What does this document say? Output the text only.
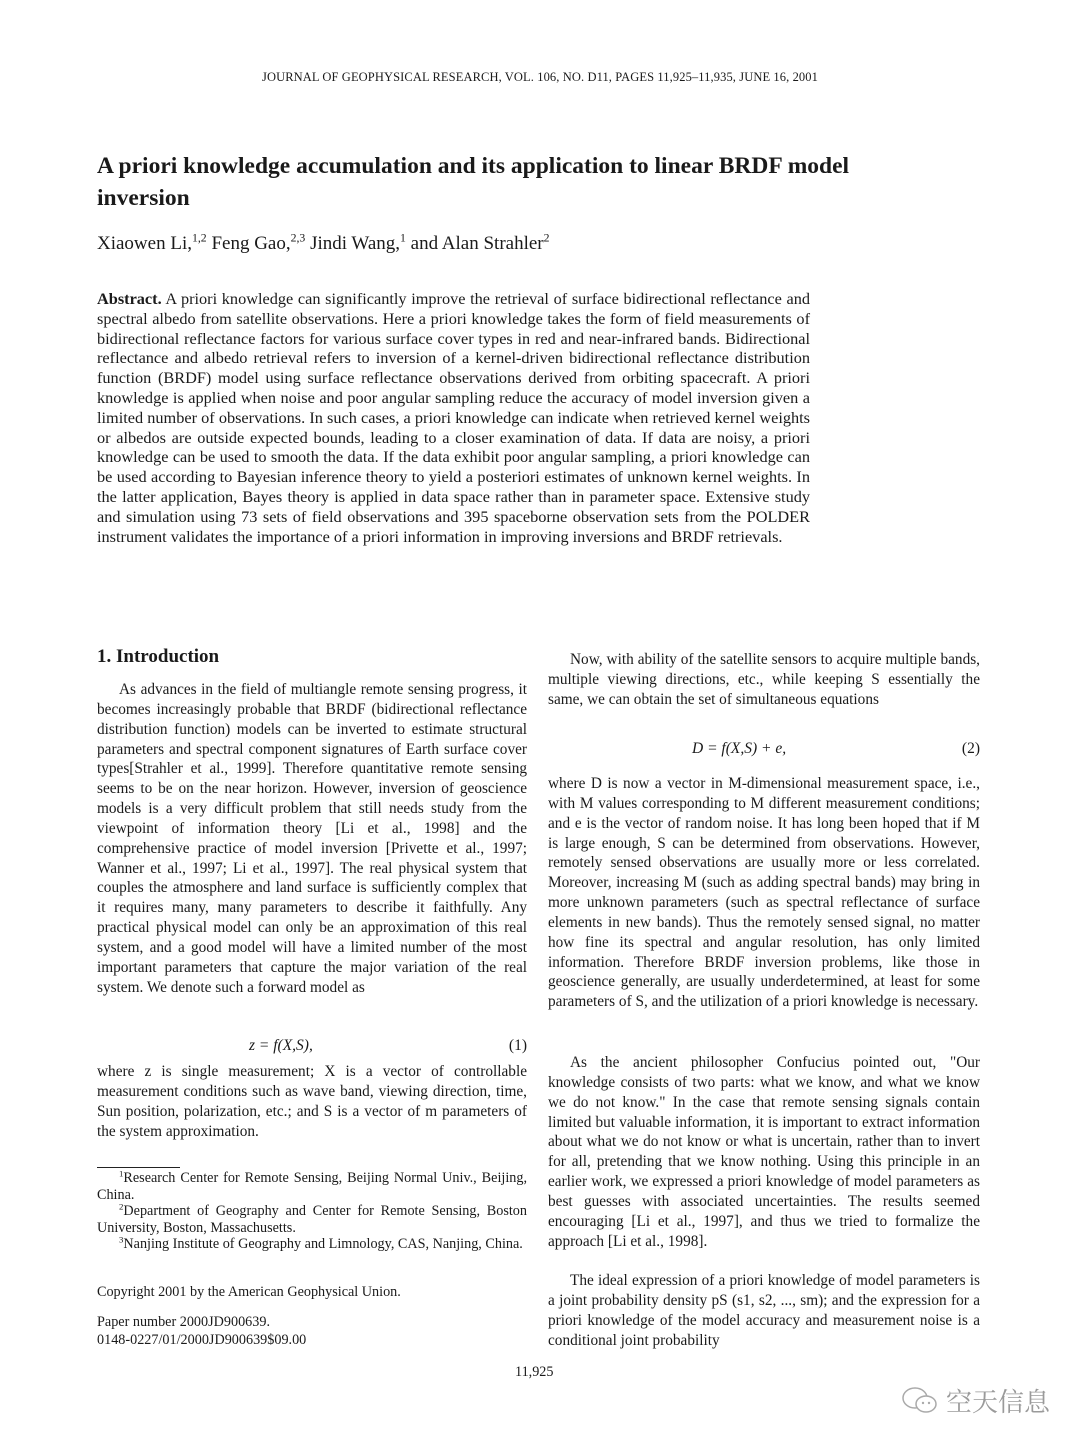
JOURNAL OF GEOPHYSICAL RESEARCH, VOL. 106, NO. D11, PAGES 11,925–11,935, JUNE 16, 2001
A priori knowledge accumulation and its application to linear BRDF model inversion
Xiaowen Li,$^{1,2}$ Feng Gao,$^{2,3}$ Jindi Wang,$^1$ and Alan Strahler$^2$
Abstract. A priori knowledge can significantly improve the retrieval of surface bidirectional reflectance and spectral albedo from satellite observations. Here a priori knowledge takes the form of field measurements of bidirectional reflectance factors for various surface cover types in red and near-infrared bands. Bidirectional reflectance and albedo retrieval refers to inversion of a kernel-driven bidirectional reflectance distribution function (BRDF) model using surface reflectance observations derived from orbiting spacecraft. A priori knowledge is applied when noise and poor angular sampling reduce the accuracy of model inversion given a limited number of observations. In such cases, a priori knowledge can indicate when retrieved kernel weights or albedos are outside expected bounds, leading to a closer examination of data. If data are noisy, a priori knowledge can be used to smooth the data. If the data exhibit poor angular sampling, a priori knowledge can be used according to Bayesian inference theory to yield a posteriori estimates of unknown kernel weights. In the latter application, Bayes theory is applied in data space rather than in parameter space. Extensive study and simulation using 73 sets of field observations and 395 spaceborne observation sets from the POLDER instrument validates the importance of a priori information in improving inversions and BRDF retrievals.
1. Introduction
As advances in the field of multiangle remote sensing progress, it becomes increasingly probable that BRDF (bidirectional reflectance distribution function) models can be inverted to estimate structural parameters and spectral component signatures of Earth surface cover types[Strahler et al., 1999]. Therefore quantitative remote sensing seems to be on the near horizon. However, inversion of geoscience models is a very difficult problem that still needs study from the viewpoint of information theory [Li et al., 1998] and the comprehensive practice of model inversion [Privette et al., 1997; Wanner et al., 1997; Li et al., 1997]. The real physical system that couples the atmosphere and land surface is sufficiently complex that it requires many, many parameters to describe it faithfully. Any practical physical model can only be an approximation of this real system, and a good model will have a limited number of the most important parameters that capture the major variation of the real system. We denote such a forward model as
z = f(X,S),	(1)
where z is single measurement; X is a vector of controllable measurement conditions such as wave band, viewing direction, time, Sun position, polarization, etc.; and S is a vector of m parameters of the system approximation.
$^1$Research Center for Remote Sensing, Beijing Normal Univ., Beijing, China.
$^2$Department of Geography and Center for Remote Sensing, Boston University, Boston, Massachusetts.
$^3$Nanjing Institute of Geography and Limnology, CAS, Nanjing, China.
Copyright 2001 by the American Geophysical Union.
Paper number 2000JD900639.
0148-0227/01/2000JD900639$09.00
Now, with ability of the satellite sensors to acquire multiple bands, multiple viewing directions, etc., while keeping S essentially the same, we can obtain the set of simultaneous equations
D = f(X,S) + e,	(2)
where D is now a vector in M-dimensional measurement space, i.e., with M values corresponding to M different measurement conditions; and e is the vector of random noise. It has long been hoped that if M is large enough, S can be determined from observations. However, remotely sensed observations are usually more or less correlated. Moreover, increasing M (such as adding spectral bands) may bring in more unknown parameters (such as spectral reflectance of surface elements in new bands). Thus the remotely sensed signal, no matter how fine its spectral and angular resolution, has only limited information. Therefore BRDF inversion problems, like those in geoscience generally, are usually underdetermined, at least for some parameters of S, and the utilization of a priori knowledge is necessary.
As the ancient philosopher Confucius pointed out, "Our knowledge consists of two parts: what we know, and what we know we do not know." In the case that remote sensing signals contain limited but valuable information, it is important to extract information about what we do not know or what is uncertain, rather than to invert for all, pretending that we know nothing. Using this principle in an earlier work, we expressed a priori knowledge of model parameters as best guesses with associated uncertainties. The results seemed encouraging [Li et al., 1997], and thus we tried to formalize the approach [Li et al., 1998].
The ideal expression of a priori knowledge of model parameters is a joint probability density pS (s1, s2, ..., sm); and the expression for a priori knowledge of the model accuracy and measurement noise is a conditional joint probability
11,925
空天信息
